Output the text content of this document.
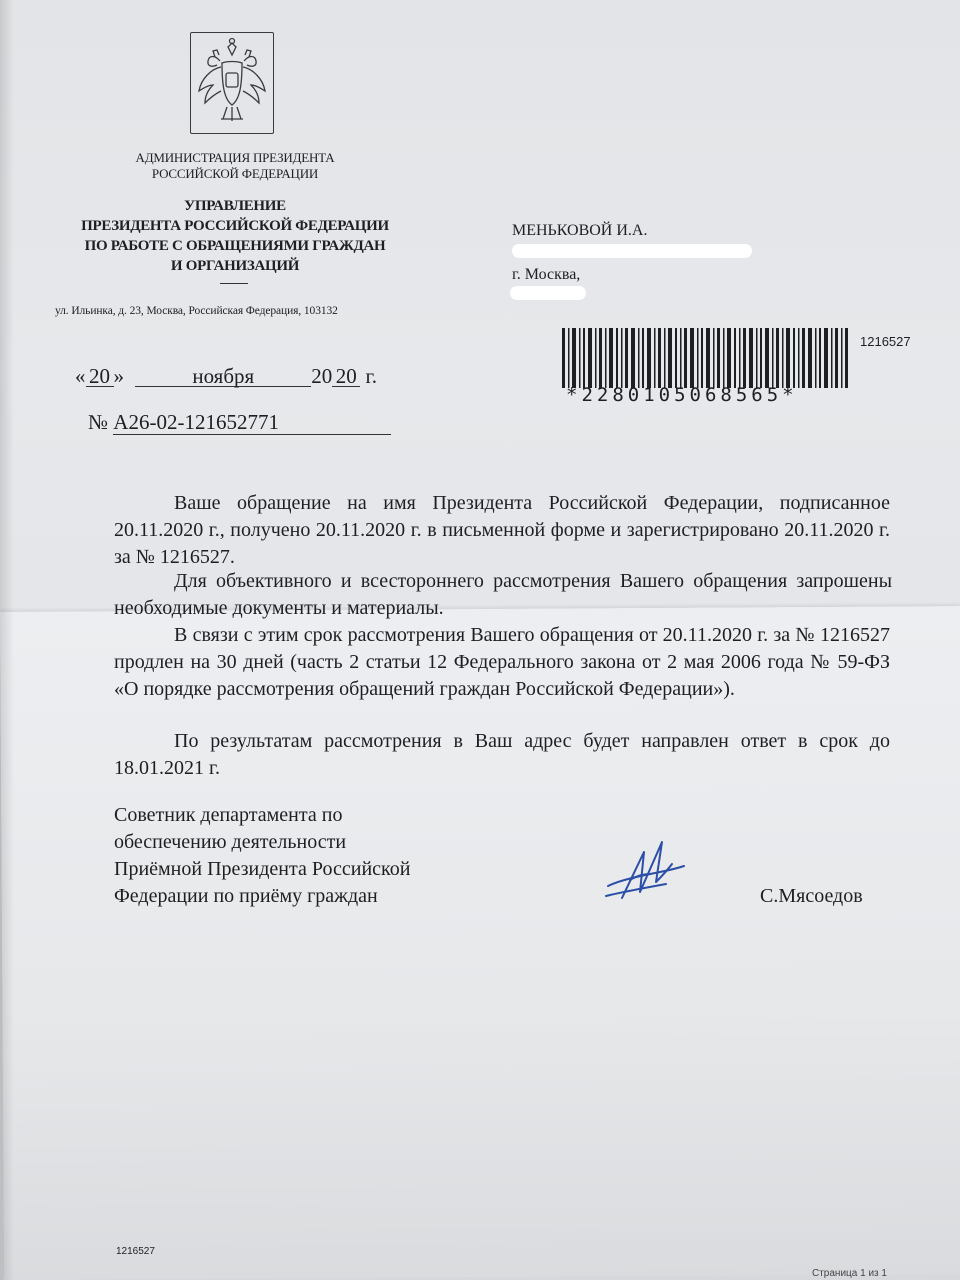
АДМИНИСТРАЦИЯ ПРЕЗИДЕНТА
РОССИЙСКОЙ ФЕДЕРАЦИИ
УПРАВЛЕНИЕ
ПРЕЗИДЕНТА РОССИЙСКОЙ ФЕДЕРАЦИИ
ПО РАБОТЕ С ОБРАЩЕНИЯМИ ГРАЖДАН
И ОРГАНИЗАЦИЙ
ул. Ильинка, д. 23, Москва, Российская Федерация, 103132
« 20 »	ноября	20 20 г.
№ А26-02-121652771
МЕНЬКОВОЙ И.А.
г. Москва,
*2280105068565*
1216527

Ваше обращение на имя Президента Российской Федерации, подписанное 20.11.2020 г., получено 20.11.2020 г. в письменной форме и зарегистрировано 20.11.2020 г. за № 1216527.

Для объективного и всестороннего рассмотрения Вашего обращения запрошены необходимые документы и материалы.

В связи с этим срок рассмотрения Вашего обращения от 20.11.2020 г. за № 1216527 продлен на 30 дней (часть 2 статьи 12 Федерального закона от 2 мая 2006 года № 59-ФЗ «О порядке рассмотрения обращений граждан Российской Федерации»).

По результатам рассмотрения в Ваш адрес будет направлен ответ в срок до 18.01.2021 г.

Советник департамента по
обеспечению деятельности
Приёмной Президента Российской
Федерации по приёму граждан	С.Мясоедов
1216527
Страница 1 из 1
